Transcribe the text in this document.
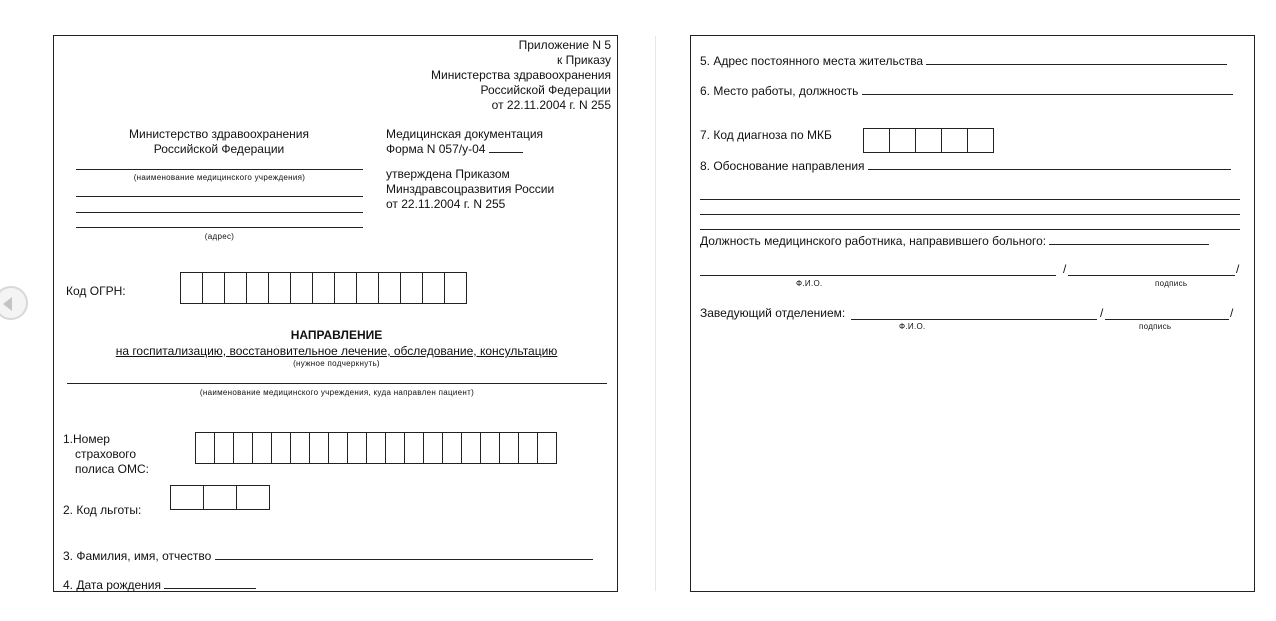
Приложение N 5
к Приказу
Министерства здравоохранения
Российской Федерации
от 22.11.2004 г. N 255
Министерство здравоохранения
Российской Федерации
(наименование медицинского учреждения)
(адрес)
Медицинская документация
Форма N 057/у-04
утверждена Приказом
Минздравсоцразвития России
от 22.11.2004 г. N 255
Код ОГРН:
НАПРАВЛЕНИЕ
на госпитализацию, восстановительное лечение, обследование, консультацию
(нужное подчеркнуть)
(наименование медицинского учреждения, куда направлен пациент)
1.Номер
страхового
полиса ОМС:
2. Код льготы:
3. Фамилия, имя, отчество
4. Дата рождения
5. Адрес постоянного места жительства
6. Место работы, должность
7. Код диагноза по МКБ
8. Обоснование направления
Должность медицинского работника, направившего больного:
/	/
Ф.И.О.	подпись
Заведующий отделением:	/	/
Ф.И.О.	подпись
